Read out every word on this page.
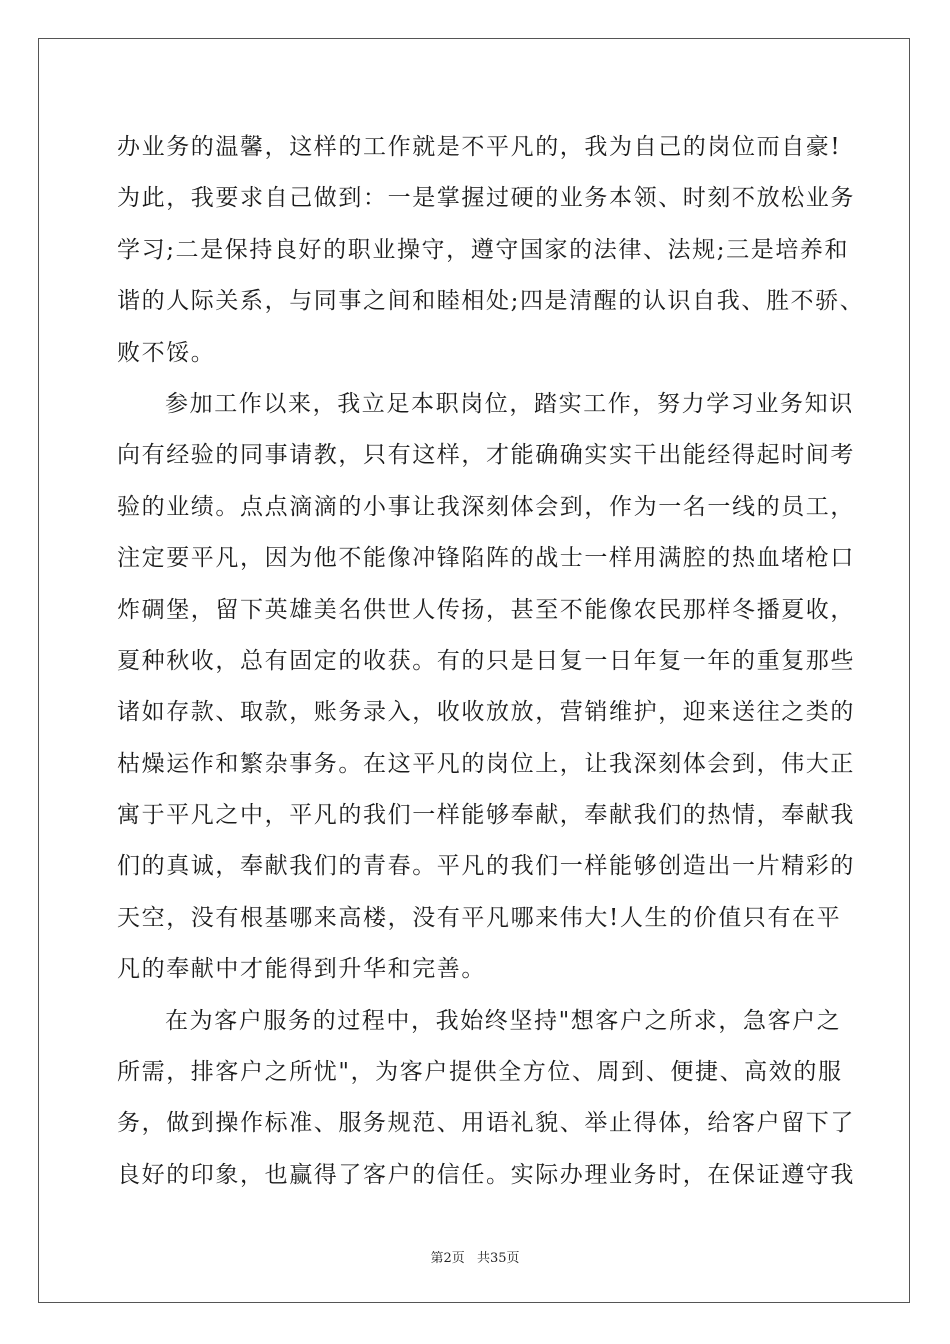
办业务的温馨，这样的工作就是不平凡的，我为自己的岗位而自豪!
为此，我要求自己做到：一是掌握过硬的业务本领、时刻不放松业务
学习;二是保持良好的职业操守，遵守国家的法律、法规;三是培养和
谐的人际关系，与同事之间和睦相处;四是清醒的认识自我、胜不骄、
败不馁。
参加工作以来，我立足本职岗位，踏实工作，努力学习业务知识
向有经验的同事请教，只有这样，才能确确实实干出能经得起时间考
验的业绩。点点滴滴的小事让我深刻体会到，作为一名一线的员工，
注定要平凡，因为他不能像冲锋陷阵的战士一样用满腔的热血堵枪口
炸碉堡，留下英雄美名供世人传扬，甚至不能像农民那样冬播夏收，
夏种秋收，总有固定的收获。有的只是日复一日年复一年的重复那些
诸如存款、取款，账务录入，收收放放，营销维护，迎来送往之类的
枯燥运作和繁杂事务。在这平凡的岗位上，让我深刻体会到，伟大正
寓于平凡之中，平凡的我们一样能够奉献，奉献我们的热情，奉献我
们的真诚，奉献我们的青春。平凡的我们一样能够创造出一片精彩的
天空，没有根基哪来高楼，没有平凡哪来伟大!人生的价值只有在平
凡的奉献中才能得到升华和完善。
在为客户服务的过程中，我始终坚持"想客户之所求，急客户之
所需，排客户之所忧"，为客户提供全方位、周到、便捷、高效的服
务，做到操作标准、服务规范、用语礼貌、举止得体，给客户留下了
良好的印象，也赢得了客户的信任。实际办理业务时，在保证遵守我
第2页 共35页
